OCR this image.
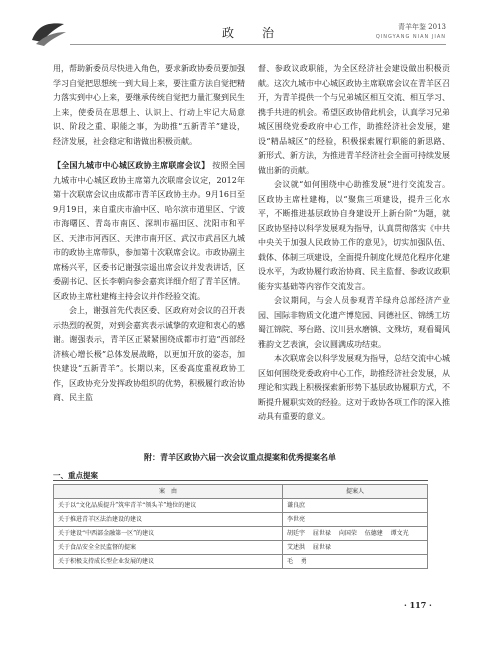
政　治	青羊年鉴 2013
QINGYANG NIAN JIAN

用，帮助新委员尽快进入角色，要求新政协委员要加强学习自觉把思想统一到大局上来，要注重方法自觉把精力落实到中心上来，要继承传统自觉把力量汇聚到民生上来，使委员在思想上、认识上、行动上牢记大局意识、阶段之重、职能之事，为助推“五新青羊”建设，经济发展，社会稳定和谐做出积极贡献。

【全国九城市中心城区政协主席联席会议】 按照全国九城市中心城区政协主席第九次联席会议定，2012年第十次联席会议由成都市青羊区政协主办。9月16日至9月19日，来自重庆市渝中区、哈尔滨市道里区、宁波市海曙区、青岛市南区、深圳市福田区、沈阳市和平区、天津市河西区、天津市南开区、武汉市武昌区九城市的政协主席带队，参加第十次联席会议。市政协副主席杨兴平，区委书记谢强宗遥出席会议并发表讲话，区委副书记、区长李朝向参会嘉宾详细介绍了青羊区情。区政协主席杜建梅主持会议并作经验交流。

会上，谢强首先代表区委、区政府对会议的召开表示热烈的祝贺，对到会嘉宾表示诚挚的欢迎和衷心的感谢。谢强表示，青羊区正紧紧围绕成都市打造“西部经济核心增长极”总体发展战略，以更加开放的姿态，加快建设“五新青羊”。长期以来，区委高度重视政协工作，区政协充分发挥政协组织的优势，积极履行政治协商、民主监

督、参政议政职能，为全区经济社会建设做出积极贡献。这次九城市中心城区政协主席联席会议在青羊区召开，为青羊提供一个与兄弟城区相互交流、相互学习、携手共进的机会。希望区政协借此机会，认真学习兄弟城区围绕党委政府中心工作，助推经济社会发展，建设“精品城区”的经验，积极探索履行职能的新思路、新形式、新方法，为推进青羊经济社会全面可持续发展做出新的贡献。

会议就“如何围绕中心助推发展”进行交流发言。区政协主席杜建梅，以“聚焦三项建设，提升三化水平，不断推进基层政协自身建设开上新台阶”为题，就区政协坚持以科学发展观为指导，认真贯彻落实《中共中央关于加强人民政协工作的意见》，切实加强队伍、载体、体制三项建设，全面提升制度化规范化程序化建设水平，为政协履行政治协商、民主监督、参政议政职能夯实基础等内容作交流发言。

会议期间，与会人员参观青羊绿舟总部经济产业园、国际非物质文化遗产博览园、同德社区、锦绣工坊蜀江锦院、琴台路、汶川县水磨镇、文殊坊，观看蜀风雅韵文艺表演，会议圆满成功结束。

本次联席会以科学发展观为指导，总结交流中心城区如何围绕党委政府中心工作，助推经济社会发展，从理论和实践上积极探索新形势下基层政协履职方式，不断提升履职实效的经验。这对于政协各项工作的深入推动具有重要的意义。

附：青羊区政协六届一次会议重点提案和优秀提案名单
一、重点提案
案　由	提案人
关于以“文化品质提升”筑牢青羊“领头羊”地位的建议	谦良庶
关于推进青羊区法治建设的建议	李世亮
关于建设“中西部金融第一区”的建议	胡廷宇 屈世禄 向国荣 伍德建 谭文光
关于食品安全全民监督的提案	艾述洪 屈世禄
关于积极支持成长型企业发展的建议	毛 勇
· 117 ·
